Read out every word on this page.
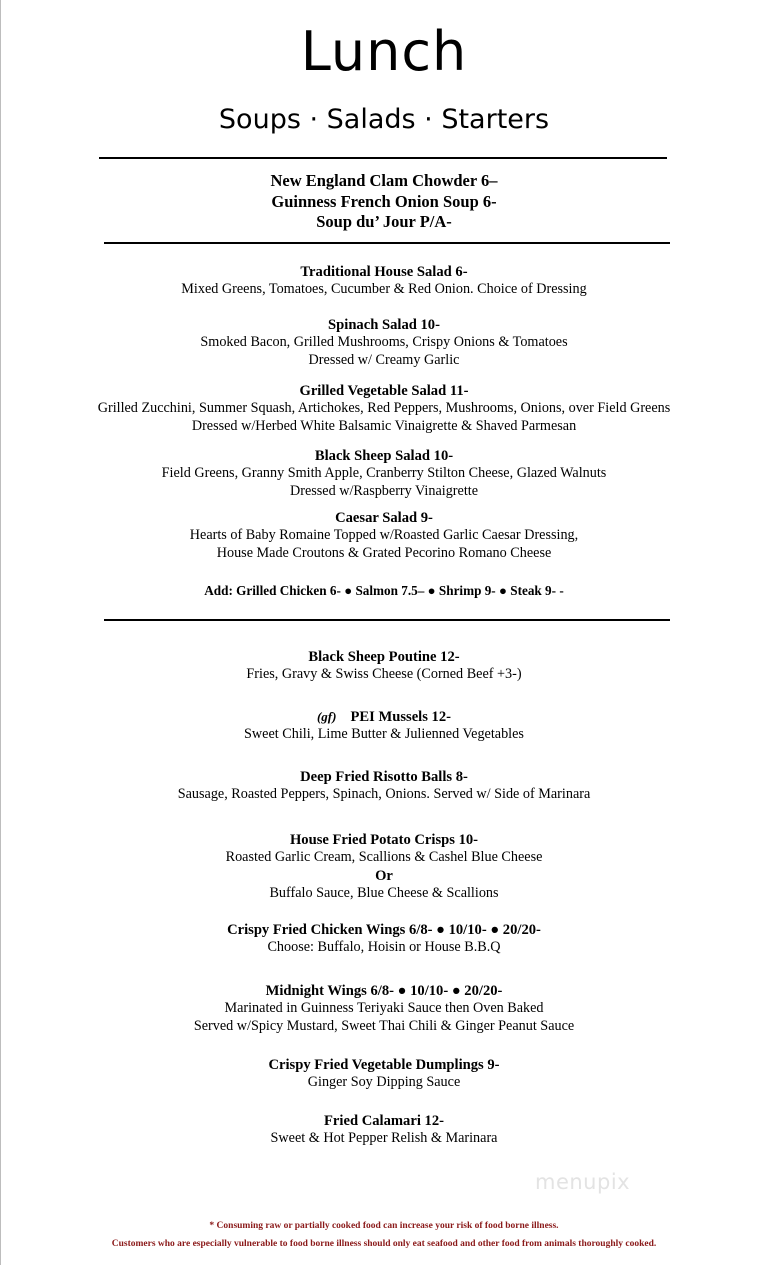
Lunch
Soups · Salads · Starters
New England Clam Chowder 6–
Guinness French Onion Soup 6-
Soup du’ Jour P/A-
Traditional House Salad 6-
Mixed Greens, Tomatoes, Cucumber & Red Onion. Choice of Dressing
Spinach Salad 10-
Smoked Bacon, Grilled Mushrooms, Crispy Onions & Tomatoes
Dressed w/ Creamy Garlic
Grilled Vegetable Salad 11-
Grilled Zucchini, Summer Squash, Artichokes, Red Peppers, Mushrooms, Onions, over Field Greens
Dressed w/Herbed White Balsamic Vinaigrette & Shaved Parmesan
Black Sheep Salad 10-
Field Greens, Granny Smith Apple, Cranberry Stilton Cheese, Glazed Walnuts
Dressed w/Raspberry Vinaigrette
Caesar Salad 9-
Hearts of Baby Romaine Topped w/Roasted Garlic Caesar Dressing,
House Made Croutons & Grated Pecorino Romano Cheese
Add: Grilled Chicken 6- ● Salmon 7.5– ● Shrimp 9- ● Steak 9- -
Black Sheep Poutine 12-
Fries, Gravy & Swiss Cheese (Corned Beef +3-)
(gf) PEI Mussels 12-
Sweet Chili, Lime Butter & Julienned Vegetables
Deep Fried Risotto Balls 8-
Sausage, Roasted Peppers, Spinach, Onions. Served w/ Side of Marinara
House Fried Potato Crisps 10-
Roasted Garlic Cream, Scallions & Cashel Blue Cheese
Or
Buffalo Sauce, Blue Cheese & Scallions
Crispy Fried Chicken Wings 6/8- ● 10/10- ● 20/20-
Choose: Buffalo, Hoisin or House B.B.Q
Midnight Wings 6/8- ● 10/10- ● 20/20-
Marinated in Guinness Teriyaki Sauce then Oven Baked
Served w/Spicy Mustard, Sweet Thai Chili & Ginger Peanut Sauce
Crispy Fried Vegetable Dumplings 9-
Ginger Soy Dipping Sauce
Fried Calamari 12-
Sweet & Hot Pepper Relish & Marinara
menupix
* Consuming raw or partially cooked food can increase your risk of food borne illness.
Customers who are especially vulnerable to food borne illness should only eat seafood and other food from animals thoroughly cooked.
